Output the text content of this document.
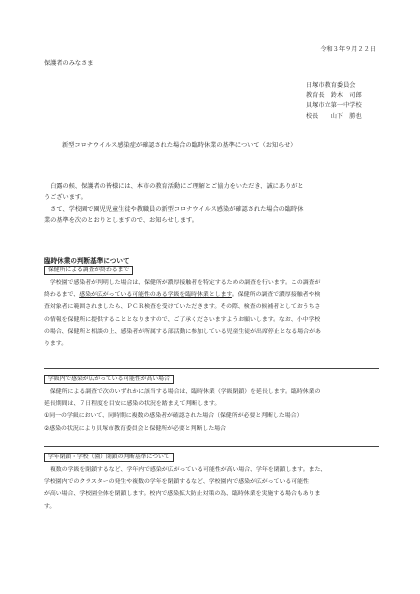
令和３年９月２２日
保護者のみなさま
日塚市教育委員会
教育長　鈴木　司郎
貝塚市立第一中学校
校長　　山下　勝也
新型コロナウイルス感染症が確認された場合の臨時休業の基準について（お知らせ）
　白露の候、保護者の皆様には、本市の教育活動にご理解とご協力をいただき、誠にありがと
うございます。
　さて、学校園で園児児童生徒や教職員の新型コロナウイルス感染が確認された場合の臨時休
業の基準を次のとおりとしますので、お知らせします。
臨時休業の判断基準について
保健所による調査が終わるまで
　学校園で感染者が判明した場合は、保健所が濃厚接触者を特定するための調査を行います。この調査が
終わるまで、感染が広がっている可能性のある学級を臨時休業とします。保健所の調査で濃厚接触者や検
査対象者に範囲されましたら、ＰＣＲ検査を受けていただきます。その際、検査の候補者としておうちさ
の情報を保健所に提供することとなりますので、ご了承くださいますようお願いします。なお、小中学校
の場合、保健所と相談の上、感染者が所属する部活動に参加している児童生徒が出席停止となる場合があ
ります。
学級内で感染が広がっている可能性が高い場合
　保健所による調査で次のいずれかに該当する場合は、臨時休業（学級閉鎖）を延長します。臨時休業の
延長期間は、７日程度を目安に感染の状況を踏まえて判断します。
①同一の学級において、同時期に複数の感染者が確認された場合（保健所が必要と判断した場合）
②感染の状況により貝塚市教育委員会と保健所が必要と判断した場合
学年閉鎖・学校（園）閉鎖の判断基準について
　複数の学級を閉鎖するなど、学年内で感染が広がっている可能性が高い場合、学年を閉鎖します。また、
学校園内でのクラスターの発生や複数の学年を閉鎖するなど、学校園内で感染が広がっている可能性
が高い場合、学校園全体を閉鎖します。校内で感染拡大防止対策の為、臨時休業を実施する場合もありま
す。
